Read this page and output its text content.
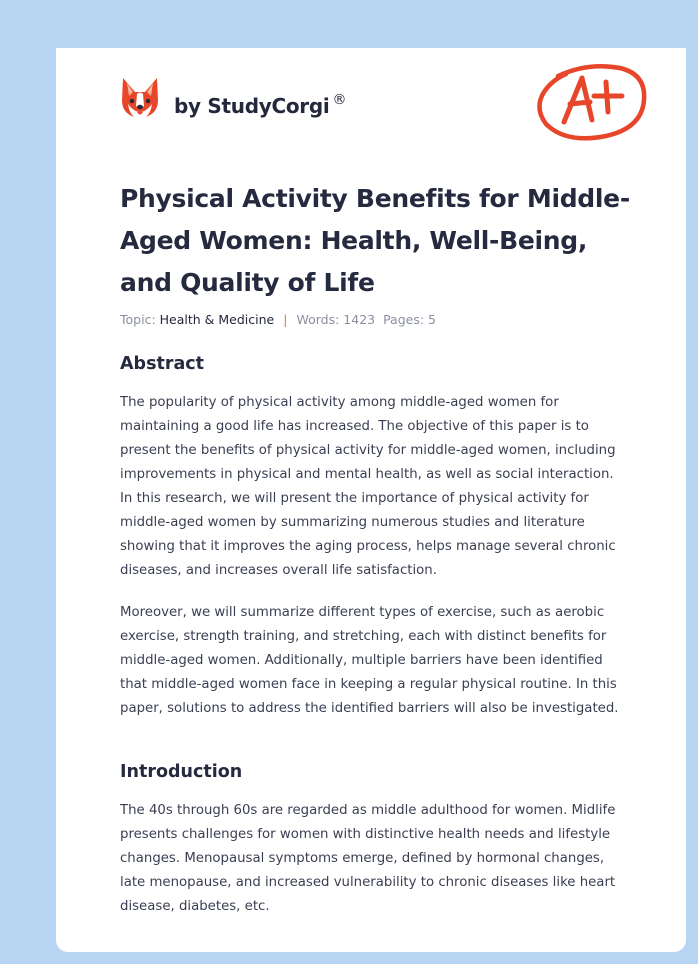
by StudyCorgi ®
Physical Activity Benefits for Middle-Aged Women: Health, Well-Being, and Quality of Life
Topic: Health & Medicine | Words: 1423 Pages: 5
Abstract

The popularity of physical activity among middle-aged women for maintaining a good life has increased. The objective of this paper is to present the benefits of physical activity for middle-aged women, including improvements in physical and mental health, as well as social interaction. In this research, we will present the importance of physical activity for middle-aged women by summarizing numerous studies and literature showing that it improves the aging process, helps manage several chronic diseases, and increases overall life satisfaction.

Moreover, we will summarize different types of exercise, such as aerobic exercise, strength training, and stretching, each with distinct benefits for middle-aged women. Additionally, multiple barriers have been identified that middle-aged women face in keeping a regular physical routine. In this paper, solutions to address the identified barriers will also be investigated.

Introduction

The 40s through 60s are regarded as middle adulthood for women. Midlife presents challenges for women with distinctive health needs and lifestyle changes. Menopausal symptoms emerge, defined by hormonal changes, late menopause, and increased vulnerability to chronic diseases like heart disease, diabetes, etc.
